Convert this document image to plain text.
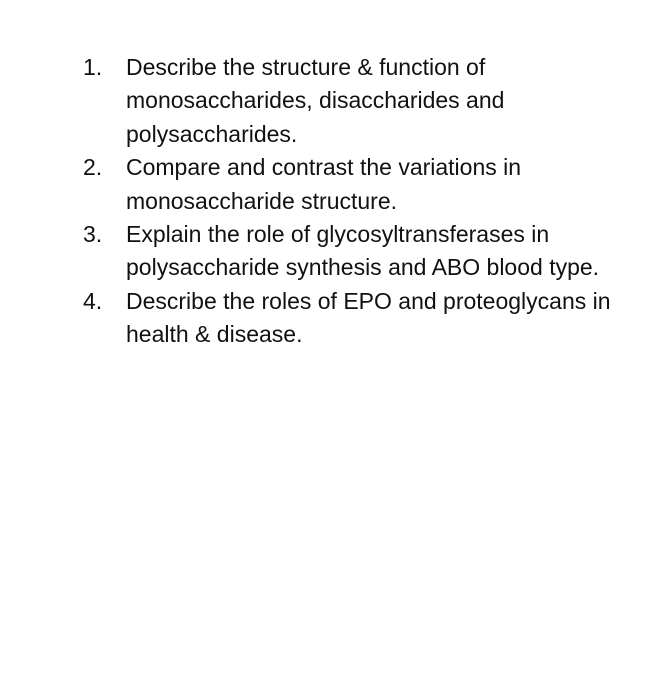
1.	Describe the structure & function of monosaccharides, disaccharides and polysaccharides.
2.	Compare and contrast the variations in monosaccharide structure.
3.	Explain the role of glycosyltransferases in polysaccharide synthesis and ABO blood type.
4.	Describe the roles of EPO and proteoglycans in health & disease.
